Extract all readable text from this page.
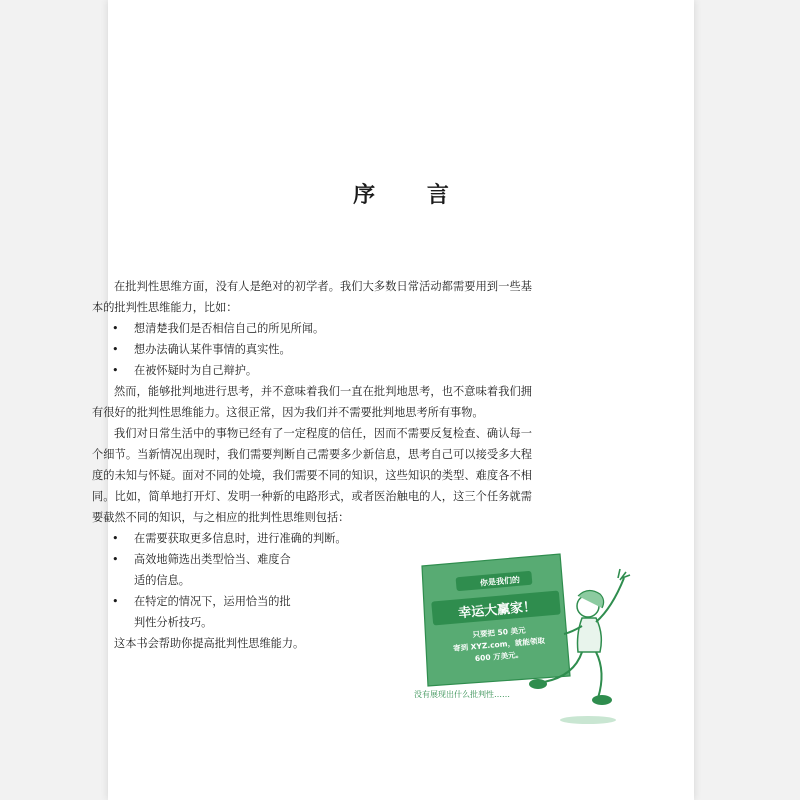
序 言

在批判性思维方面，没有人是绝对的初学者。我们大多数日常活动都需要用到一些基本的批判性思维能力，比如：

• 想清楚我们是否相信自己的所见所闻。

• 想办法确认某件事情的真实性。

• 在被怀疑时为自己辩护。

然而，能够批判地进行思考，并不意味着我们一直在批判地思考，也不意味着我们拥有很好的批判性思维能力。这很正常，因为我们并不需要批判地思考所有事物。

我们对日常生活中的事物已经有了一定程度的信任，因而不需要反复检查、确认每一个细节。当新情况出现时，我们需要判断自己需要多少新信息，思考自己可以接受多大程度的未知与怀疑。面对不同的处境，我们需要不同的知识，这些知识的类型、难度各不相同。比如，简单地打开灯、发明一种新的电路形式，或者医治触电的人，这三个任务就需要截然不同的知识，与之相应的批判性思维则包括：

• 在需要获取更多信息时，进行准确的判断。

• 高效地筛选出类型恰当、难度合适的信息。

• 在特定的情况下，运用恰当的批判性分析技巧。

这本书会帮助你提高批判性思维能力。

你是我们的
幸运大赢家！
只要把 50 美元
寄到 XYZ.com，就能领取
600 万美元。
没有展现出什么批判性……
